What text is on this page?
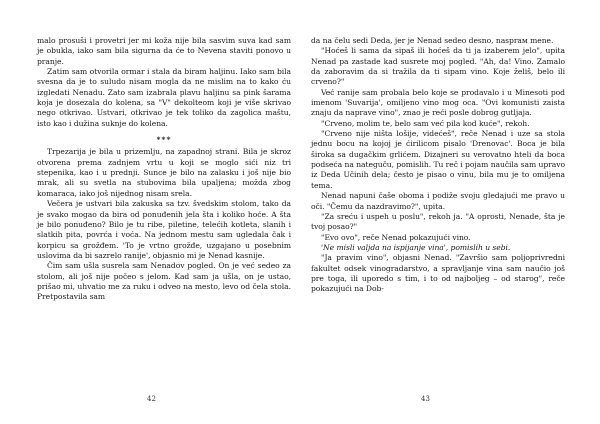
malo prosuši i provetri jer mi koža nije bila sasvim suva kad sam je obukla, iako sam bila sigurna da će to Nevena staviti ponovo u pranje.

Zatim sam otvorila ormar i stala da biram haljinu. Iako sam bila svesna da je to suludo nisam mogla da ne mislim na to kako ću izgledati Nenadu. Zato sam izabrala plavu haljinu sa pink šarama koja je dosezala do kolena, sa "V" dekolteom koji je više skrivao nego otkrivao. Ustvari, otkrivao je tek toliko da zagolica maštu, isto kao i dužina suknje do kolena.

***

Trpezarija je bila u prizemlju, na zapadnoj strani. Bila je skroz otvorena prema zadnjem vrtu u koji se moglo sići niz tri stepenika, kao i u prednji. Sunce je bilo na zalasku i još nije bio mrak, ali su svetla na stubovima bila upaljena; možda zbog komaraca, iako još nijednog nisam srela.

Večera je ustvari bila zakuska sa tzv. švedskim stolom, tako da je svako mogao da bira od ponuđenih jela šta i koliko hoće. A šta je bilo ponuđeno? Bilo je tu ribe, piletine, telećih kotleta, slanih i slatkih pita, povrća i voća. Na jednom mestu sam ugledala čak i korpicu sa grožđem. 'To je vrtno grožđe, uzgajano u posebnim uslovima da bi sazrelo ranije', objasnio mi je Nenad kasnije.

Čim sam ušla susrela sam Nenadov pogled. On je već sedeo za stolom, ali još nije počeo s jelom. Kad sam ja ušla, on je ustao, prišao mi, uhvatio me za ruku i odveo na mesto, levo od čela stola. Pretpostavila sam

da na čelu sedi Deda, jer je Nenad sedeo desno, nasprам mene.

"Hoćeš li sama da sipaš ili hoćeš da ti ja izaberem jelo", upita Nenad pa zastade kad susrete moj pogled. "Ah, da! Vino. Zamalo da zaboravim da si tražila da ti sipam vino. Koje želiš, belo ili crveno?"

Već ranije sam probala belo koje se prodavalo i u Minesoti pod imenom 'Suvarija', omiljeno vino mog oca. "Ovi komunisti zaista znaju da naprave vino", znao je reći posle dobrog gutljaja.

"Crveno, molim te, belo sam već pila kod kuće", rekoh.

"Crveno nije ništa lošije, videćeš", reče Nenad i uze sa stola jednu bocu na kojoj je ćirilicom pisalo 'Drenovac'. Boca je bila široka sa dugačkim grlićem. Dizajneri su verovatno hteli da boca podseća na nateguču, pomislih. Tu reč i pojam naučila sam upravo iz Deda Učinih dela; često je pisao o vinu, bila mu je to omiljena tema.

Nenad napuni čaše oboma i podiže svoju gledajući me pravo u oči. "Čemu da nazdravimo?", upita.

"Za sreću i uspeh u poslu", rekoh ja. "A oprosti, Nenade, šta je tvoj posao?"

"Evo ovo", reče Nenad pokazujući vino.

'Ne misli valjda na ispijanje vina', pomislih u sebi.

"Ja pravim vino", objasni Nenad. "Završio sam poljoprivredni fakultet odsek vinogradarstvo, a spravljanje vina sam naučio još pre toga, ili uporedo s tim, i to od najboljeg – od starog", reče pokazujući na Dob-

42	43
